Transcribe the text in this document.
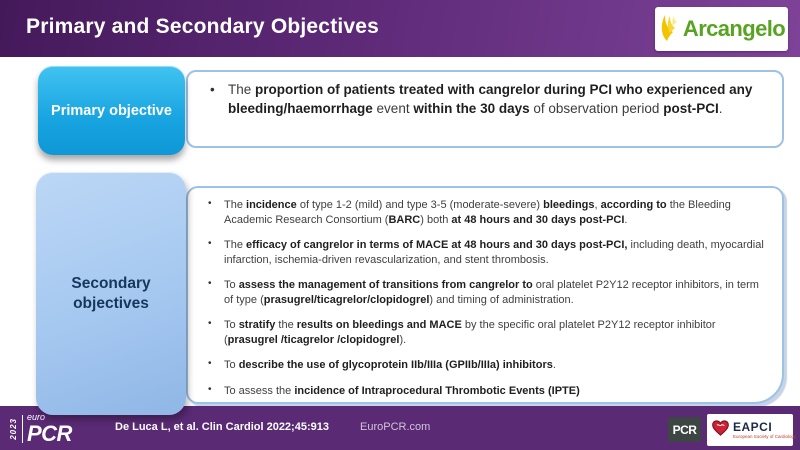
Primary and Secondary Objectives	Arcangelo
• The proportion of patients treated with cangrelor during PCI who experienced any bleeding/haemorrhage event within the 30 days of observation period post-PCI.
Primary objective
• The incidence of type 1-2 (mild) and type 3-5 (moderate-severe) bleedings, according to the Bleeding Academic Research Consortium (BARC) both at 48 hours and 30 days post-PCI.
• The efficacy of cangrelor in terms of MACE at 48 hours and 30 days post-PCI, including death, myocardial infarction, ischemia-driven revascularization, and stent thrombosis.
• To assess the management of transitions from cangrelor to oral platelet P2Y12 receptor inhibitors, in term of type (prasugrel/ticagrelor/clopidogrel) and timing of administration.
• To stratify the results on bleedings and MACE by the specific oral platelet P2Y12 receptor inhibitor (prasugrel /ticagrelor /clopidogrel).
• To describe the use of glycoprotein IIb/IIIa (GPIIb/IIIa) inhibitors.
• To assess the incidence of Intraprocedural Thrombotic Events (IPTE)
Secondary objectives
2023
euro
PCR	De Luca L, et al. Clin Cardiol 2022;45:913	EuroPCR.com	PCR	EAPCI
European Society of Cardiology
